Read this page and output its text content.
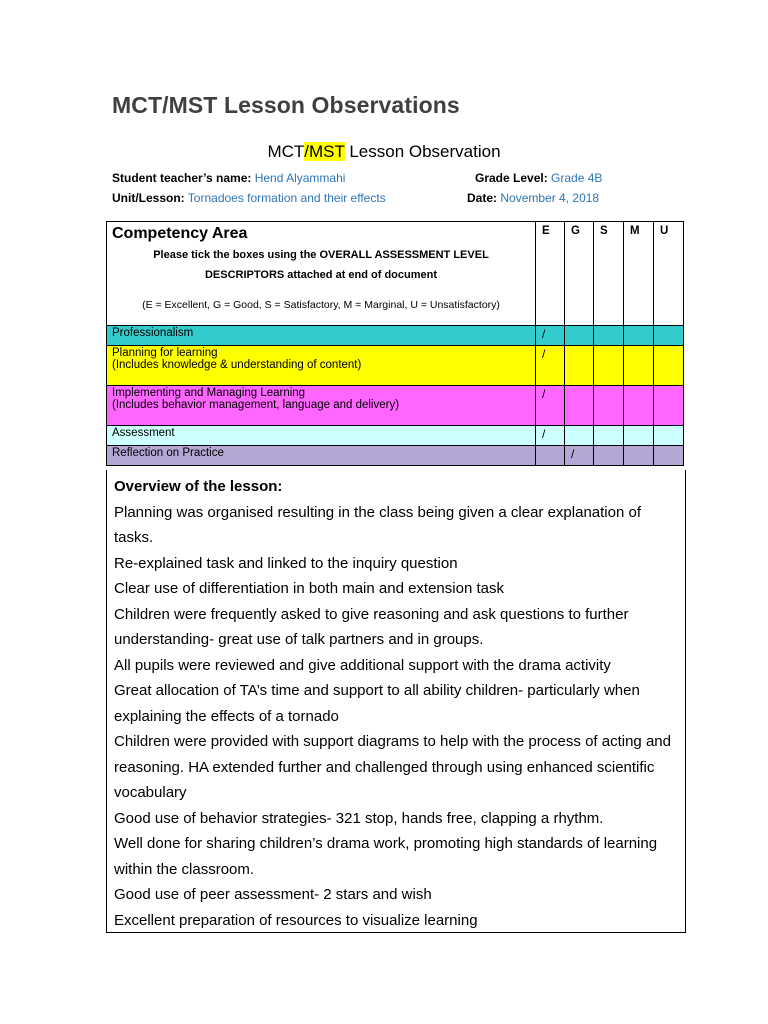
MCT/MST Lesson Observations
MCT/MST Lesson Observation
Student teacher’s name: Hend Alyammahi	Grade Level: Grade 4B
Unit/Lesson: Tornadoes formation and their effects	Date: November 4, 2018
Competency Area
Please tick the boxes using the OVERALL ASSESSMENT LEVEL
DESCRIPTORS attached at end of document
(E = Excellent, G = Good, S = Satisfactory, M = Marginal, U = Unsatisfactory)	E	G	S	M	U
Professionalism	/				

Planning for learning
(Includes knowledge & understanding of content)	/				

Implementing and Managing Learning
(Includes behavior management, language and delivery)	/				
Assessment	/				
Reflection on Practice		/			
Overview of the lesson:

Planning was organised resulting in the class being given a clear explanation of tasks.

Re-explained task and linked to the inquiry question

Clear use of differentiation in both main and extension task

Children were frequently asked to give reasoning and ask questions to further understanding- great use of talk partners and in groups.

All pupils were reviewed and give additional support with the drama activity

Great allocation of TA’s time and support to all ability children- particularly when explaining the effects of a tornado

Children were provided with support diagrams to help with the process of acting and reasoning. HA extended further and challenged through using enhanced scientific vocabulary

Good use of behavior strategies- 321 stop, hands free, clapping a rhythm.

Well done for sharing children’s drama work, promoting high standards of learning within the classroom.

Good use of peer assessment- 2 stars and wish

Excellent preparation of resources to visualize learning
